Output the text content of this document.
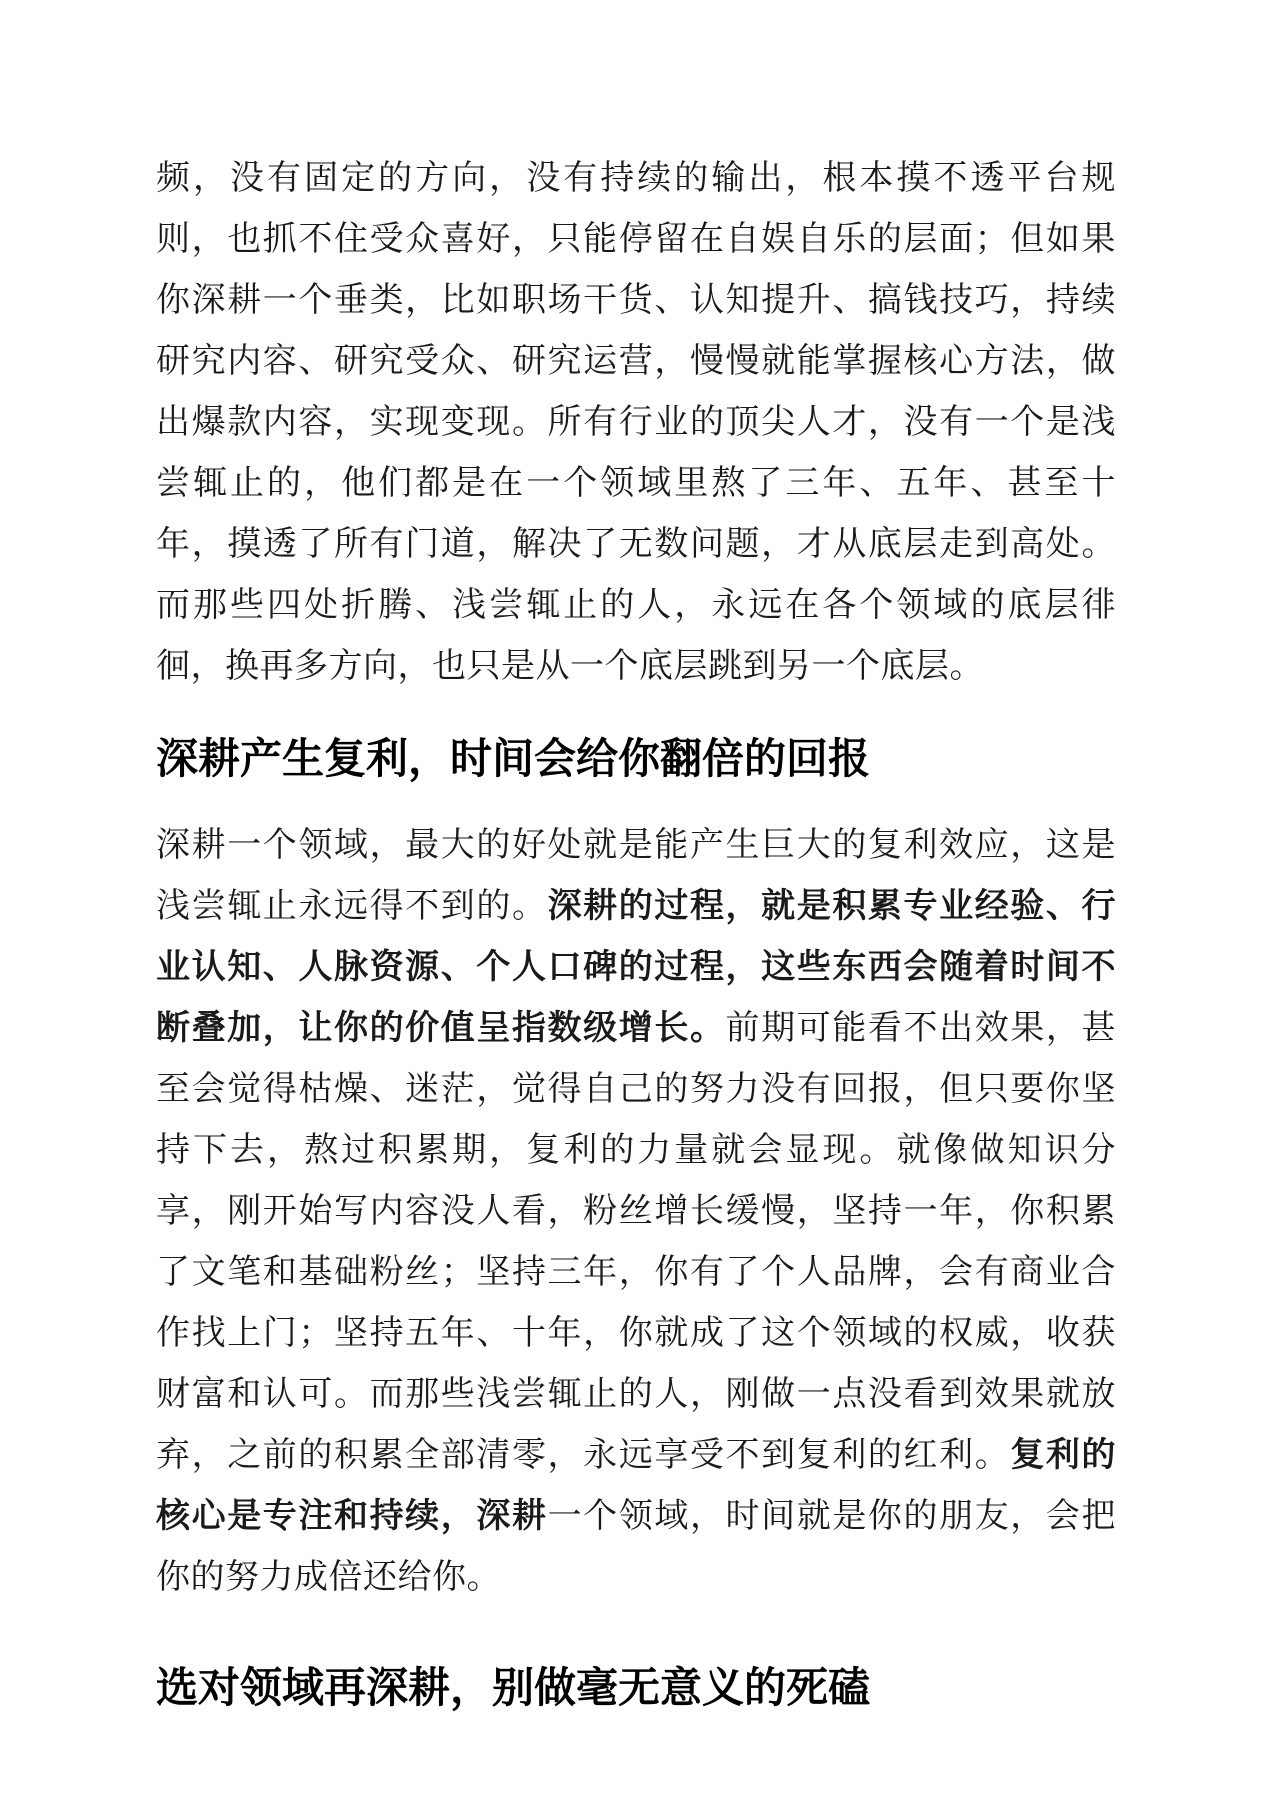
频，没有固定的方向，没有持续的输出，根本摸不透平台规则，也抓不住受众喜好，只能停留在自娱自乐的层面；但如果你深耕一个垂类，比如职场干货、认知提升、搞钱技巧，持续研究内容、研究受众、研究运营，慢慢就能掌握核心方法，做出爆款内容，实现变现。所有行业的顶尖人才，没有一个是浅尝辄止的，他们都是在一个领域里熬了三年、五年、甚至十年，摸透了所有门道，解决了无数问题，才从底层走到高处。而那些四处折腾、浅尝辄止的人，永远在各个领域的底层徘徊，换再多方向，也只是从一个底层跳到另一个底层。

深耕产生复利，时间会给你翻倍的回报

深耕一个领域，最大的好处就是能产生巨大的复利效应，这是浅尝辄止永远得不到的。深耕的过程，就是积累专业经验、行业认知、人脉资源、个人口碑的过程，这些东西会随着时间不断叠加，让你的价值呈指数级增长。前期可能看不出效果，甚至会觉得枯燥、迷茫，觉得自己的努力没有回报，但只要你坚持下去，熬过积累期，复利的力量就会显现。就像做知识分享，刚开始写内容没人看，粉丝增长缓慢，坚持一年，你积累了文笔和基础粉丝；坚持三年，你有了个人品牌，会有商业合作找上门；坚持五年、十年，你就成了这个领域的权威，收获财富和认可。而那些浅尝辄止的人，刚做一点没看到效果就放弃，之前的积累全部清零，永远享受不到复利的红利。复利的核心是专注和持续，深耕一个领域，时间就是你的朋友，会把你的努力成倍还给你。

选对领域再深耕，别做毫无意义的死磕
